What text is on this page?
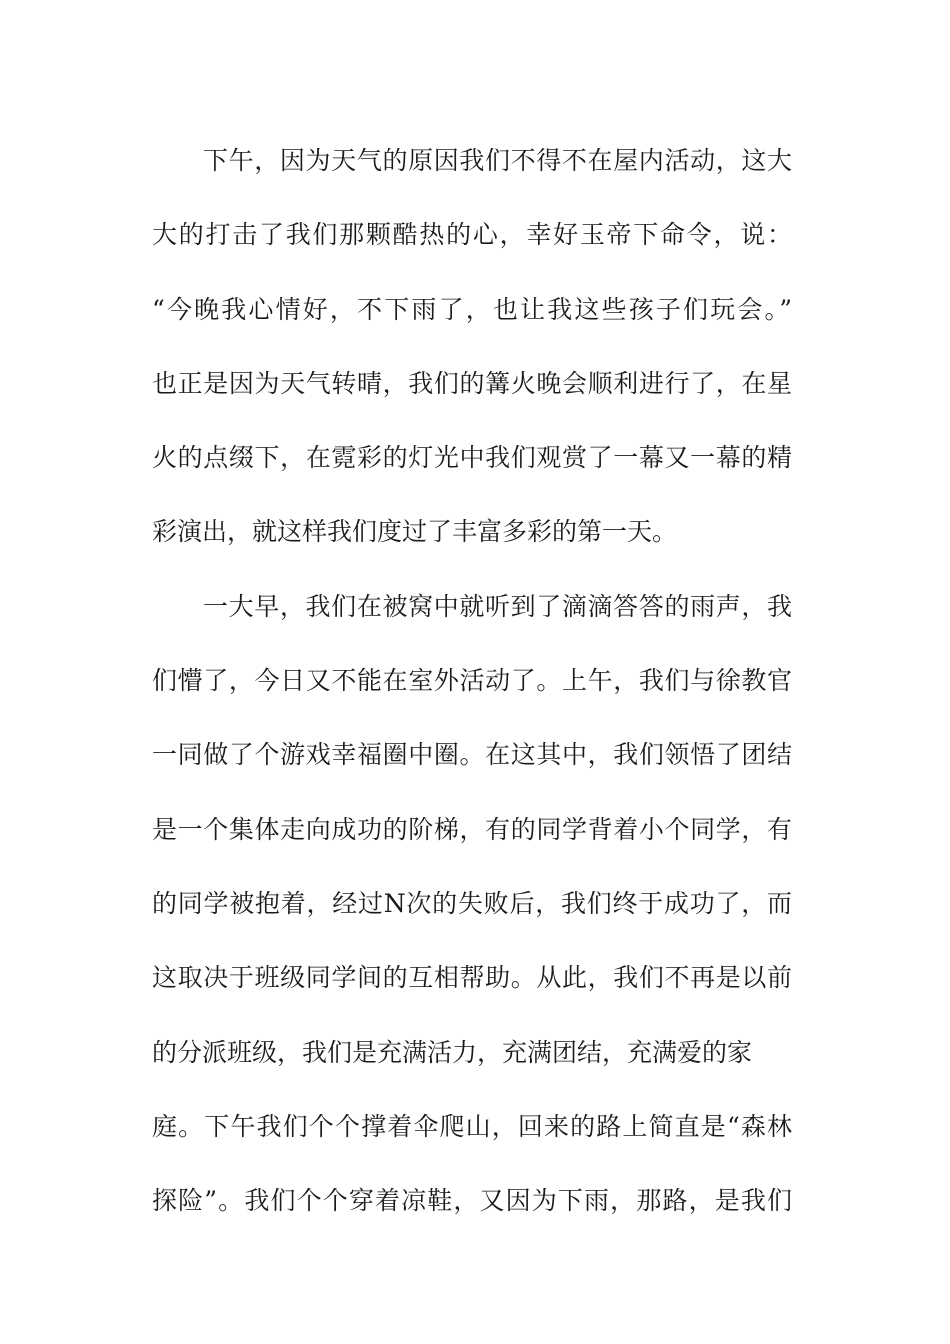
下午，因为天气的原因我们不得不在屋内活动，这大
大的打击了我们那颗酷热的心，幸好玉帝下命令，说：
“今晚我心情好，不下雨了，也让我这些孩子们玩会。”
也正是因为天气转晴，我们的篝火晚会顺利进行了，在星
火的点缀下，在霓彩的灯光中我们观赏了一幕又一幕的精
彩演出，就这样我们度过了丰富多彩的第一天。
一大早，我们在被窝中就听到了滴滴答答的雨声，我
们懵了，今日又不能在室外活动了。上午，我们与徐教官
一同做了个游戏幸福圈中圈。在这其中，我们领悟了团结
是一个集体走向成功的阶梯，有的同学背着小个同学，有
的同学被抱着，经过N次的失败后，我们终于成功了，而
这取决于班级同学间的互相帮助。从此，我们不再是以前
的分派班级，我们是充满活力，充满团结，充满爱的家
庭。下午我们个个撑着伞爬山，回来的路上简直是“森林
探险”。我们个个穿着凉鞋，又因为下雨，那路，是我们
